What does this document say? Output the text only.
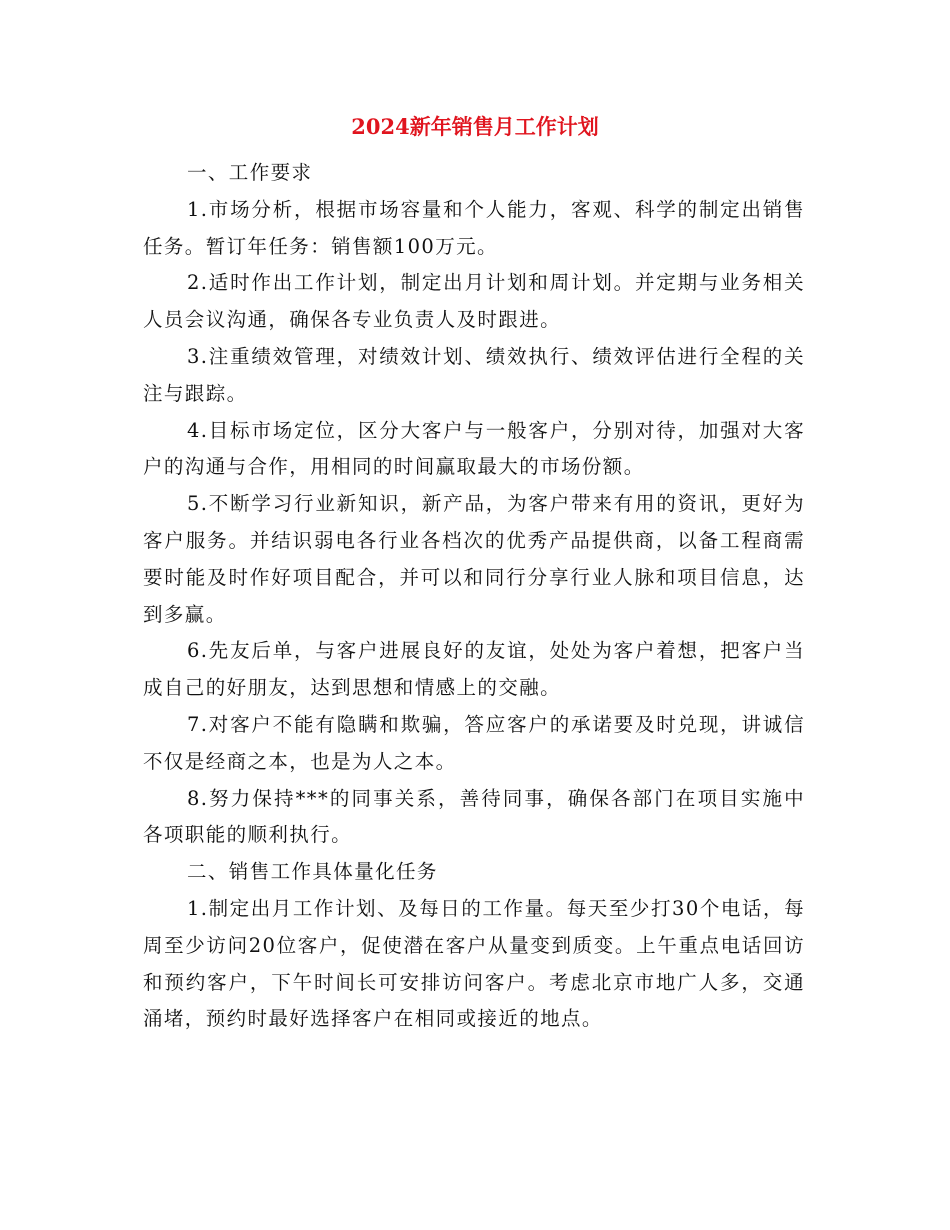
2024新年销售月工作计划

一、工作要求

1.市场分析，根据市场容量和个人能力，客观、科学的制定出销售任务。暂订年任务：销售额100万元。

2.适时作出工作计划，制定出月计划和周计划。并定期与业务相关人员会议沟通，确保各专业负责人及时跟进。

3.注重绩效管理，对绩效计划、绩效执行、绩效评估进行全程的关注与跟踪。

4.目标市场定位，区分大客户与一般客户，分别对待，加强对大客户的沟通与合作，用相同的时间赢取最大的市场份额。

5.不断学习行业新知识，新产品，为客户带来有用的资讯，更好为客户服务。并结识弱电各行业各档次的优秀产品提供商，以备工程商需要时能及时作好项目配合，并可以和同行分享行业人脉和项目信息，达到多赢。

6.先友后单，与客户进展良好的友谊，处处为客户着想，把客户当成自己的好朋友，达到思想和情感上的交融。

7.对客户不能有隐瞒和欺骗，答应客户的承诺要及时兑现，讲诚信不仅是经商之本，也是为人之本。

8.努力保持***的同事关系，善待同事，确保各部门在项目实施中各项职能的顺利执行。

二、销售工作具体量化任务

1.制定出月工作计划、及每日的工作量。每天至少打30个电话，每周至少访问20位客户，促使潜在客户从量变到质变。上午重点电话回访和预约客户，下午时间长可安排访问客户。考虑北京市地广人多，交通涌堵，预约时最好选择客户在相同或接近的地点。
